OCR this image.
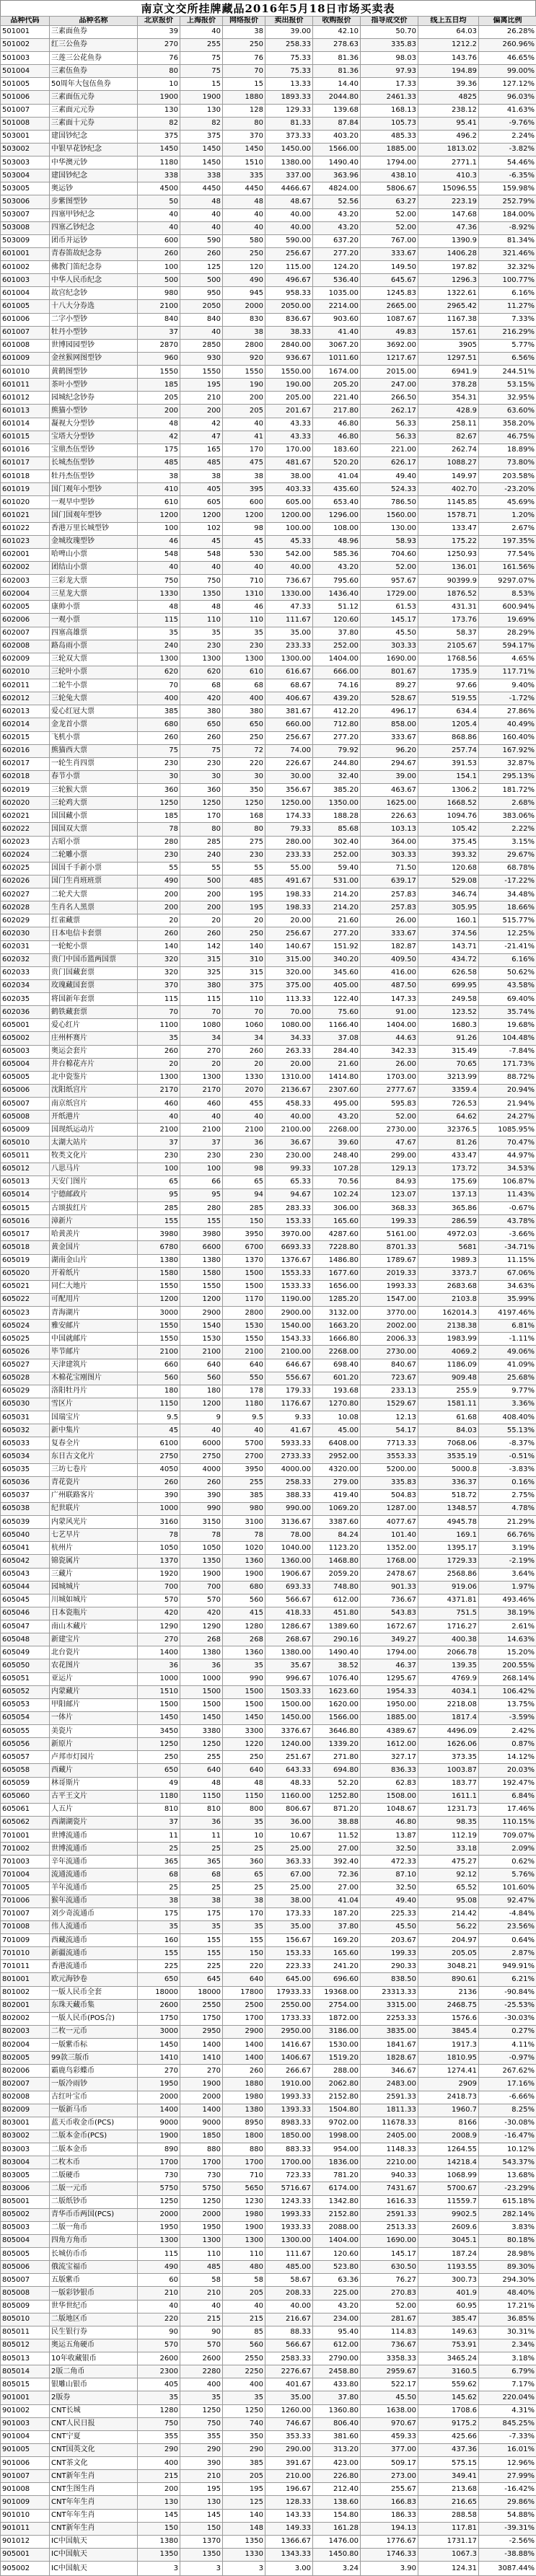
南京文交所挂牌藏品2016年5月18日市场买卖表
品种代码	品种名称	北京报价	上海报价	网络报价	卖出报价	收购报价	指导成交价	线上五日均	偏离比例
501001	三素面鱼券	39	40	38	39.00	42.10	50.70	64.03	26.28%
501002	红三公鱼券	270	255	250	258.33	278.63	335.83	1212.2	260.96%
501003	三莲三公花鱼券	76	75	76	75.33	81.36	98.03	143.76	46.65%
501004	三素伍鱼券	80	75	70	75.33	81.36	97.93	194.89	99.00%
501005	50周年大包伍鱼券	10	15	15	13.33	14.40	17.33	39.36	127.12%
501006	三素面伍元券	1900	1900	1880	1893.33	2044.80	2461.33	4825	96.03%
501007	三素面元元券	130	130	128	129.33	139.68	168.13	238.12	41.63%
501008	三素面十元券	82	82	80	81.33	87.84	105.73	95.41	-9.76%
503001	建国钞纪念	375	375	370	373.33	403.20	485.33	496.2	2.24%
503002	中银早花钞纪念	1450	1450	1450	1450.00	1566.00	1885.00	1813.02	-3.82%
503003	中华澳元钞	1180	1450	1510	1380.00	1490.40	1794.00	2771.1	54.46%
503004	建国钞纪念	338	338	335	337.00	363.96	438.10	410.3	-6.35%
503005	奥运钞	4500	4450	4450	4466.67	4824.00	5806.67	15096.55	159.98%
503006	步紫图型钞	50	48	48	48.67	52.56	63.27	223.19	252.79%
503007	四塞甲钞纪念	40	40	40	40.00	43.20	52.00	147.68	184.00%
503008	四塞乙钞纪念	40	40	40	40.00	43.20	52.00	47.36	-8.92%
503009	团币并运钞	600	590	580	590.00	637.20	767.00	1390.9	81.34%
601001	青春笛故纪念券	260	260	250	256.67	277.20	333.67	1406.28	321.46%
601002	佛教门笛纪念券	100	125	120	115.00	124.20	149.50	197.82	32.32%
601003	中华人民币纪念	500	500	490	496.67	536.40	645.67	1296.3	100.77%
601004	故宫纪念钞	980	950	945	958.33	1035.00	1245.83	1322.61	6.16%
601005	十八大分券选	2100	2050	2000	2050.00	2214.00	2665.00	2965.42	11.27%
601006	二字小型钞	840	840	830	836.67	903.60	1087.67	1167.38	7.33%
601007	牡丹小型钞	37	40	38	38.33	41.40	49.83	157.61	216.29%
601008	世博园园型钞	2870	2850	2800	2840.00	3067.20	3692.00	3905	5.77%
601009	金丝猴网图型钞	960	930	920	936.67	1011.60	1217.67	1297.51	6.56%
601010	黄鹤图型钞	1550	1550	1550	1550.00	1674.00	2015.00	6941.9	244.51%
601011	茶叶小型钞	185	195	190	190.00	205.20	247.00	378.28	53.15%
601012	园城纪念钞券	205	210	200	205.00	221.40	266.50	354.31	32.95%
601013	熊猫小型钞	200	200	205	201.67	217.80	262.17	428.9	63.60%
601014	凝视大分型钞	48	42	40	43.33	46.80	56.33	258.11	358.20%
601015	宝塔大分型钞	42	47	41	43.33	46.80	56.33	82.67	46.75%
601016	宝鼎杰伍型钞	175	165	170	170.00	183.60	221.00	262.74	18.89%
601017	长城杰伍型钞	485	485	475	481.67	520.20	626.17	1088.27	73.80%
601018	牡丹杰伍型钞	38	38	38	38.00	41.04	49.40	149.97	203.58%
601019	国门观年小型钞	410	405	395	403.33	435.60	524.33	402.70	-23.20%
601020	一观早中型钞	610	605	600	605.00	653.40	786.50	1145.85	45.69%
601021	国门国观年型钞	1200	1200	1200	1200.00	1296.00	1560.00	1578.71	1.20%
601022	香港万里长城型钞	100	102	98	100.00	108.00	130.00	133.47	2.67%
601023	金城玫瑰型钞	46	45	45	45.33	48.96	58.93	175.22	197.35%
602001	哈啤山小票	548	548	530	542.00	585.36	704.60	1250.93	77.54%
602002	团结山小票	40	40	40	40.00	43.20	52.00	136.01	161.56%
602003	三彩龙大票	750	750	710	736.67	795.60	957.67	90399.9	9297.07%
602004	三星龙大票	1330	1350	1310	1330.00	1436.40	1729.00	1876.52	8.53%
602005	康帅小票	48	48	46	47.33	51.12	61.53	431.31	600.94%
602006	一观小票	115	110	110	111.67	120.60	145.17	173.76	19.69%
602007	四塞高雄票	35	35	35	35.00	37.80	45.50	58.37	28.29%
602008	路岛雨小票	240	230	230	233.33	252.00	303.33	2105.67	594.17%
602009	三轮双大票	1300	1300	1300	1300.00	1404.00	1690.00	1768.56	4.65%
602010	三轮叶小票	620	620	610	616.67	666.00	801.67	1735.9	117.71%
602011	二轮牛小票	70	68	68	68.67	74.16	89.27	97.66	9.40%
602012	三轮兔大票	400	420	400	406.67	439.20	528.67	519.55	-1.72%
602013	爱心红冠大票	385	380	380	381.67	412.20	496.17	634.4	27.86%
602014	金龙首小票	680	650	650	660.00	712.80	858.00	1205.4	40.49%
602015	飞机小票	260	260	250	256.67	277.20	333.67	868.86	160.40%
602016	熊猫西大票	75	75	72	74.00	79.92	96.20	257.74	167.92%
602017	一轮生肖四票	230	230	220	226.67	244.80	294.67	391.53	32.87%
602018	春节小票	30	30	30	30.00	32.40	39.00	154.1	295.13%
602019	三轮猴大票	360	360	350	356.67	385.20	463.67	1306.2	181.72%
602020	三轮鸡大票	1250	1250	1250	1250.00	1350.00	1625.00	1668.52	2.68%
602021	国国藏小票	185	170	168	174.33	188.28	226.63	1094.76	383.06%
602022	国国双大票	78	80	80	79.33	85.68	103.13	105.42	2.22%
602023	古昭小票	280	285	275	280.00	302.40	364.00	375.45	3.15%
602024	二轮雕小票	230	240	230	233.33	252.00	303.33	393.32	29.67%
602025	国国千手新小票	55	55	55	55.00	59.40	71.50	120.68	68.78%
602026	国门生肖班班票	490	500	485	491.67	531.00	639.17	529.08	-17.22%
602027	二轮犬大票	200	200	195	198.33	214.20	257.83	346.74	34.48%
602028	生肖名人黑票	200	200	195	198.33	214.20	257.83	305.95	18.66%
602029	红雀藏票	20	20	20	20.00	21.60	26.00	160.1	515.77%
602030	日本电信卡套票	260	260	250	256.67	277.20	333.67	374.56	12.25%
602031	一轮蛇小票	140	142	140	140.67	151.92	182.87	143.71	-21.41%
602032	贵门中国币篮两国票	320	315	310	315.00	340.20	409.50	434.72	6.16%
602033	贵门国藏套票	320	325	315	320.00	345.60	416.00	626.58	50.62%
602034	玫瑰藏国套票	370	380	375	375.00	405.00	487.50	699.95	43.58%
602035	将国新年套票	115	115	110	113.33	122.40	147.33	249.58	69.40%
602036	鹤铁藏套票	70	70	70	70.00	75.60	91.00	123.52	35.74%
605001	爱心红片	1100	1080	1060	1080.00	1166.40	1404.00	1680.3	19.68%
605002	庄州杯赛片	35	34	34	34.33	37.08	44.63	91.26	104.48%
605003	奥运会套片	260	270	260	263.33	284.40	342.33	315.49	-7.84%
605004	井台棉花卉片	20	20	20	20.00	21.60	26.00	70.65	171.73%
605005	北中瓷鉴片	1300	1300	1330	1310.00	1414.80	1703.00	3213.99	88.72%
605006	沈阳纸宫片	2170	2170	2070	2136.67	2307.60	2777.67	3359.4	20.94%
605007	南京纸宫片	460	460	455	458.33	495.00	595.83	726.53	21.94%
605008	开纸港片	40	40	40	40.00	43.20	52.00	64.62	24.27%
605009	国现纸运动片	2100	2100	2100	2100.00	2268.00	2730.00	32376.5	1085.95%
605010	太湖大站片	37	37	36	36.67	39.60	47.67	81.26	70.47%
605011	牧类文化片	230	230	230	230.00	248.40	299.00	433.47	44.97%
605012	八思马片	100	100	98	99.33	107.28	129.13	173.72	34.53%
605013	天安门图片	65	66	65	65.33	70.56	84.93	175.69	106.87%
605014	宁德邮政片	95	95	94	94.67	102.24	123.07	137.13	11.43%
605015	古颂拔红片	285	280	285	283.33	306.00	368.33	365.86	-0.67%
605016	漳新片	155	155	150	153.33	165.60	199.33	286.59	43.78%
605017	哈黄羡片	3980	3980	3950	3970.00	4287.60	5161.00	4972.03	-3.66%
605018	黄金国片	6780	6600	6700	6693.33	7228.80	8701.33	5681	-34.71%
605019	湖南金山片	1380	1380	1370	1376.67	1486.80	1789.67	1989.3	11.15%
605020	开着纸片	1580	1580	1500	1553.33	1677.60	2019.33	3373.7	67.06%
605021	同仁大地片	1550	1550	1500	1533.33	1656.00	1993.33	2683.68	34.63%
605022	可配用片	1200	1200	1170	1190.00	1285.20	1547.00	2103.8	35.99%
605023	青海湖片	3000	2900	2800	2900.00	3132.00	3770.00	162014.3	4197.46%
605024	雅安邮片	1550	1540	1530	1540.00	1663.20	2002.00	2138.38	6.81%
605025	中国就邮片	1550	1530	1550	1543.33	1666.80	2006.33	1983.99	-1.11%
605026	毕节邮片	2100	2100	2100	2100.00	2268.00	2730.00	4069.2	49.06%
605027	天津建筑片	660	640	640	646.67	698.40	840.67	1186.09	41.09%
605028	木棉花宝刚图片	560	560	550	556.67	601.20	723.67	909.48	25.68%
605029	洛阳牡丹片	180	180	178	179.33	193.68	233.13	255.9	9.77%
605030	雪区片	1150	1200	1180	1176.67	1270.80	1529.67	1581.11	3.36%
605031	国瑞宝片	9.5	9	9.5	9.33	10.08	12.13	61.68	408.40%
605032	新中集片	45	40	40	41.67	45.00	54.17	84.03	55.13%
605033	复春全片	6100	6000	5700	5933.33	6408.00	7713.33	7068.06	-8.37%
605034	东日古文化片	2750	2750	2700	2733.33	2952.00	3553.33	3535.19	-0.51%
605035	三坊七卷片	4050	4000	3950	4000.00	4320.00	5200.00	5000.8	-3.83%
605036	青花瓷片	260	260	255	258.33	279.00	335.83	336.37	0.16%
605037	广州联路客片	390	390	385	388.33	419.40	504.83	518.72	2.75%
605038	纪世联片	1000	990	980	990.00	1069.20	1287.00	1348.57	4.78%
605039	内蒙风光片	3160	3150	3100	3136.67	3387.60	4077.67	4945.78	21.29%
605040	七艺早片	78	78	78	78.00	84.24	101.40	169.1	66.76%
605041	杭州片	1050	1050	1020	1040.00	1123.20	1352.00	1395.17	3.19%
605042	锦瓷属片	1370	1350	1360	1360.00	1468.80	1768.00	1729.33	-2.19%
605043	三藏片	1920	1900	1900	1906.67	2059.20	2478.67	2568.86	3.64%
605044	园城城片	700	700	680	693.33	748.80	901.33	919.06	1.97%
605045	川城如城片	570	570	560	566.67	612.00	736.67	4371.81	493.46%
605046	日本瓷瓶片	420	420	415	418.33	451.80	543.83	751.5	38.19%
605047	南山木藏片	1290	1290	1280	1286.67	1389.60	1672.67	1716.27	2.61%
605048	新建宝片	270	268	268	268.67	290.16	349.27	400.38	14.63%
605049	北台瓷片	1400	1380	1360	1380.00	1490.40	1794.00	2066.78	15.20%
605050	农花图片	36	36	35	35.67	38.52	46.37	139.35	200.55%
605051	亚运片	1000	1000	990	996.67	1076.40	1295.67	4769.9	268.14%
605052	内蒙藏片	1510	1500	1500	1503.33	1623.60	1954.33	4034.1	106.42%
605053	甲阳邮片	1500	1500	1500	1500.00	1620.00	1950.00	2218.08	13.75%
605054	一体片	1450	1450	1450	1450.00	1566.00	1885.00	1817.4	-3.59%
605055	美瓷片	3450	3380	3300	3376.67	3646.80	4389.67	4496.09	2.42%
605056	新原片	1250	1250	1220	1240.00	1339.20	1612.00	1626.06	0.87%
605057	卢邦市灯园片	250	255	250	251.67	271.80	327.17	373.35	14.12%
605058	西藏片	650	640	640	643.33	694.80	836.33	1003.87	20.03%
605059	林哥斯片	49	48	48	48.33	52.20	62.83	183.77	192.47%
605060	古平王文片	1180	1150	1150	1160.00	1252.80	1508.00	1611.1	6.84%
605061	人五片	810	810	800	806.67	871.20	1048.67	1231.73	17.46%
605062	西湖湖瓷片	37	36	35	36.00	38.88	46.80	98.35	110.15%
701001	世博流通币	11	11	10	10.67	11.52	13.87	112.19	709.07%
701002	世博流通币	25	25	25	25.00	27.00	32.50	33.18	2.09%
701003	辛年流通币	365	365	360	363.33	392.40	472.33	475.27	0.62%
701004	流通流通币	68	68	65	67.00	72.36	87.10	92.12	5.76%
701005	羊年流通币	25	25	25	25.00	27.00	32.50	65.52	101.60%
701006	猴年流通币	38	38	38	38.00	41.04	49.40	95.08	92.47%
701007	刘少奇流通币	175	175	170	173.33	187.20	225.33	214.42	-4.84%
701008	伟人流通币	35	35	35	35.00	37.80	45.50	56.22	23.56%
701009	西藏流通币	160	155	155	156.67	169.20	203.67	204.97	0.64%
701010	新疆流通币	155	155	150	153.33	165.60	199.33	205.05	2.87%
701011	香港流通币	225	225	220	223.33	241.20	290.33	3048.21	949.91%
801001	欧元海钞卷	650	645	640	645.00	696.60	838.50	890.61	6.21%
801002	一版人民币全套	18000	18000	17800	17933.33	19368.00	23313.33	2136	-90.84%
802001	东珠天藏币集	2600	2550	2500	2550.00	2754.00	3315.00	2468.75	-25.53%
802002	一版人民币(POS合)	1750	1750	1700	1733.33	1872.00	2253.33	1576.6	-30.03%
802003	二枚一元币	3000	2950	2900	2950.00	3186.00	3835.00	3845.4	0.27%
802004	一版紫币标	1450	1400	1400	1416.67	1530.00	1841.67	1917.3	4.11%
802005	99款三版币	1410	1410	1400	1406.67	1519.20	1828.67	1810.95	-0.97%
802006	霸鹿鸟彩蝶币	270	270	260	266.67	288.00	346.67	1274.41	267.62%
802007	一版冷雨钞	1950	1900	1880	1910.00	2062.80	2483.00	2909	17.16%
802008	古红叶宝币	2000	2000	1980	1993.33	2152.80	2591.33	2418.73	-6.66%
802009	一版新马币	1400	1400	1380	1393.33	1504.80	1811.33	1960.7	8.25%
803001	蓝天币收金币(PCS)	9000	9000	8950	8983.33	9702.00	11678.33	8166	-30.08%
803002	二版本金币(PCS)	1900	1850	1800	1850.00	1998.00	2405.00	2008.9	-16.47%
803003	二版本金币	890	880	880	883.33	954.00	1148.33	1264.55	10.12%
803004	二枚木币	1700	1700	1700	1700.00	1836.00	2210.00	14218.4	543.37%
803005	二版硬币	730	730	710	723.33	781.20	940.33	1068.99	13.68%
803006	二版一元币	5750	5750	5650	5716.67	6174.00	7431.67	5700.67	-23.29%
805001	二版纸钞币	1250	1250	1230	1243.33	1342.80	1616.33	11559.7	615.18%
805002	青华币币两国(PCS)	2000	2000	1980	1993.33	2152.80	2591.33	9902.5	282.14%
805003	二版一角币	1950	1950	1900	1933.33	2088.00	2513.33	2609.6	3.83%
805004	四角方角币	1300	1300	1300	1300.00	1404.00	1690.00	3045.1	80.18%
805005	长城仿币币	115	110	110	111.67	120.60	145.17	187.24	28.98%
805006	俄流宝福币	490	485	480	485.00	523.80	630.50	1193.55	89.30%
805007	五版紫币	60	58	58	58.67	63.36	76.27	300.73	294.30%
805008	一版彩钞银币	210	210	205	208.33	225.00	270.83	401.9	48.40%
805009	世华世纪币	40	40	40	40.00	43.20	52.00	60.95	17.21%
805010	二版地区币	220	215	215	216.67	234.00	281.67	385.47	36.85%
805011	民生银行券	90	90	85	88.33	95.40	114.83	149.63	30.31%
805012	奥运五角硬币	570	570	560	566.67	612.00	736.67	753.91	2.34%
805013	10年收藏银币	2600	2600	2550	2583.33	2790.00	3358.33	3465.24	3.18%
805014	2版二角币	2300	2280	2250	2276.67	2458.80	2959.67	3160.5	6.79%
805015	银雕山银币	405	400	400	401.67	433.80	522.17	559.62	7.17%
901001	2版券	35	35	35	35.00	37.80	45.50	145.62	220.04%
901002	CNT长城	1280	1250	1250	1260.00	1360.80	1638.00	1708.6	4.31%
901003	CNT人民日报	750	750	740	746.67	806.40	970.67	9175.2	845.25%
901004	CNT宁夏	355	355	350	353.33	381.60	459.33	425.66	-7.33%
901005	CNT国英文化	290	290	290	290.00	313.20	377.00	437.36	16.01%
901006	CNT茶文化	400	390	385	391.67	423.00	509.17	575.15	12.96%
901007	CNT新年生肖	215	210	205	210.00	226.80	273.00	349.41	27.99%
901008	CNT生图生肖	200	195	195	196.67	212.40	255.67	213.68	-16.42%
901009	CNT年年生肖	130	130	125	128.33	138.60	166.83	216.65	29.86%
901010	CNT年年生肖	145	145	140	143.33	154.80	186.33	288.58	54.88%
901011	CNT新年生肖	150	150	148	149.33	161.28	194.13	117.81	-39.31%
901012	IC中国航天	1380	1370	1350	1366.67	1476.00	1776.67	1731.17	-2.56%
905001	IC中国航天	1350	1350	1330	1343.33	1450.80	1746.33	1067.3	-38.88%
905002	IC中国航天	3	3	3	3.00	3.24	3.90	124.31	3087.44%
